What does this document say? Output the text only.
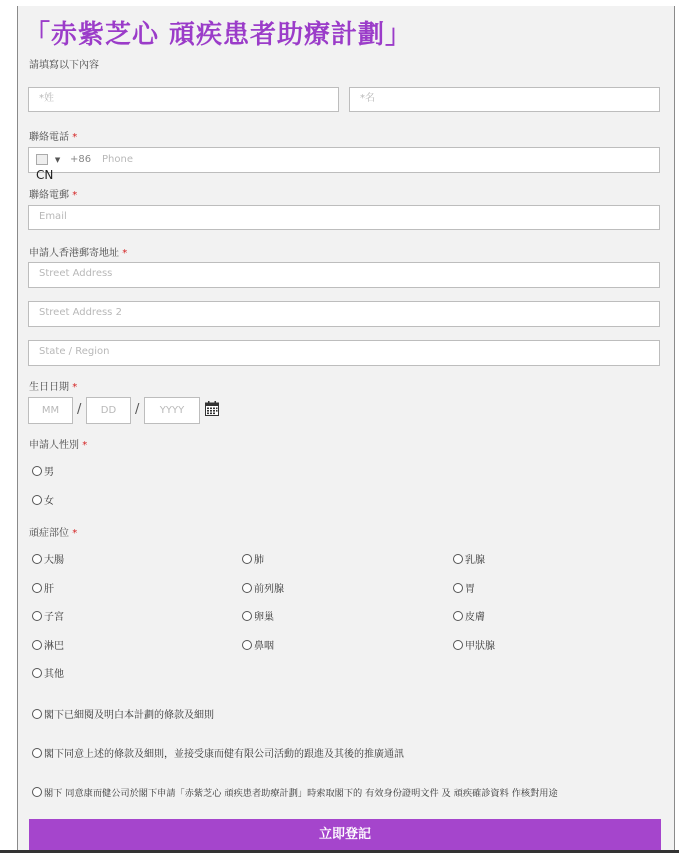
「赤紫芝心 頑疾患者助療計劃」
請填寫以下內容
*姓	*名
聯絡電話 *
+86 Phone
▼
CN
聯絡電郵 *
Email
申請人香港郵寄地址 *
Street Address
Street Address 2
State / Region
生日日期 *
MM	/	DD	/	YYYY
申請人性別 *
男
女
頑症部位 *
大腸	肺	乳腺
肝	前列腺	胃
子宮	卵巢	皮膚
淋巴	鼻咽	甲狀腺
其他
閣下已細閱及明白本計劃的條款及細則
閣下同意上述的條款及細則，並接受康而健有限公司活動的跟進及其後的推廣通訊
閣下 同意康而健公司於閣下申請「赤紫芝心 頑疾患者助療計劃」時索取閣下的 有效身份證明文件 及 頑疾確診資料 作核對用途
立即登記
